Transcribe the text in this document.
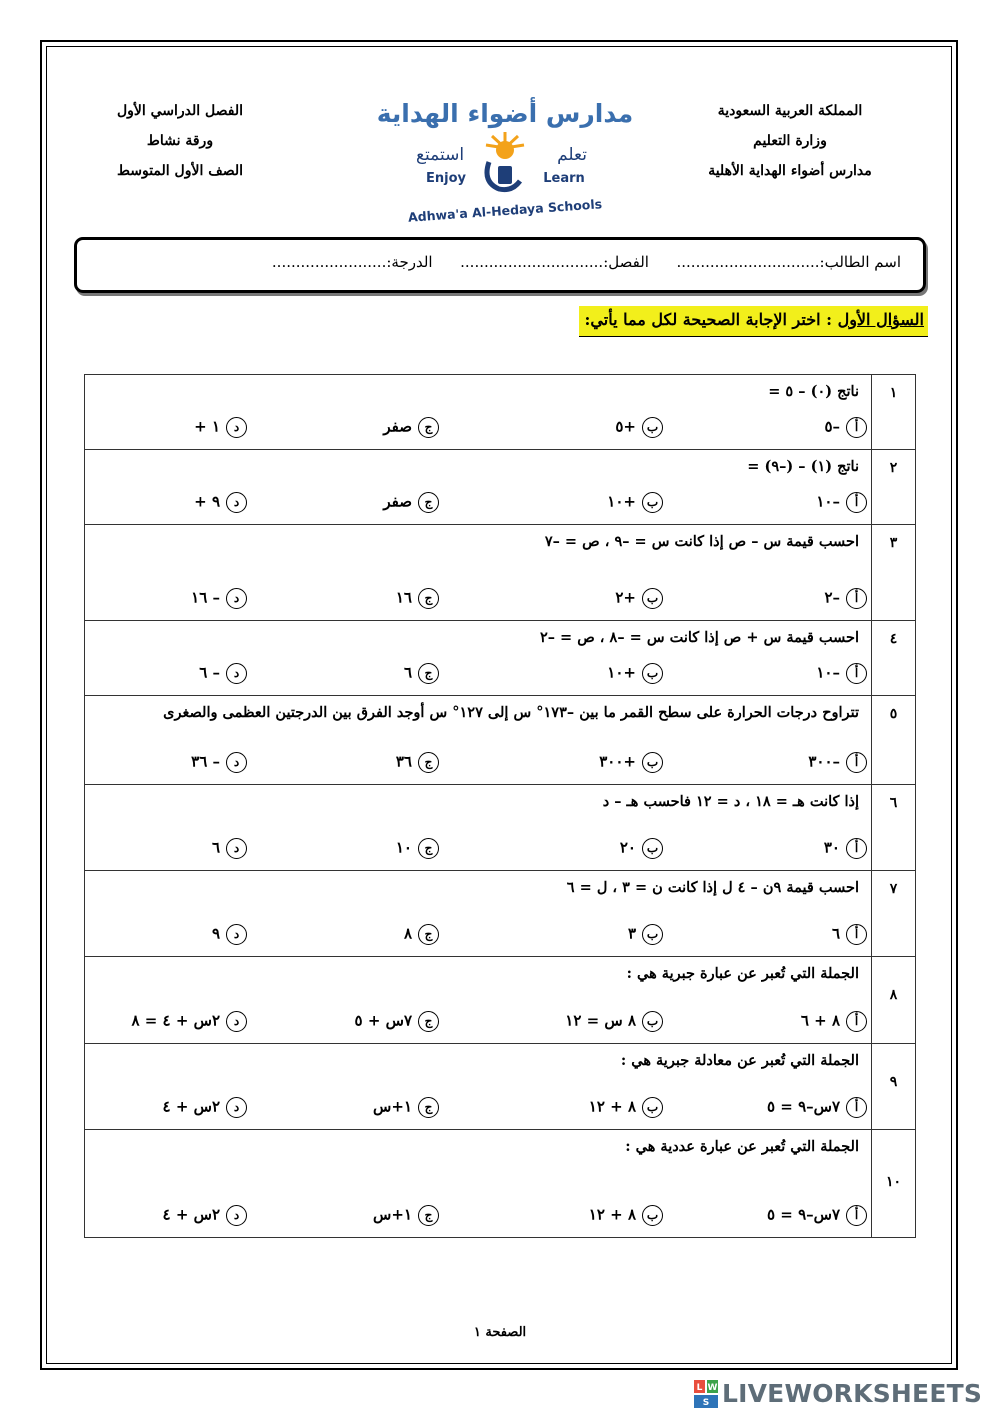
المملكة العربية السعودية
وزارة التعليم
مدارس أضواء الهداية الأهلية
الفصل الدراسي الأول
ورقة نشاط
الصف الأول المتوسط
مدارس أضواء الهداية
تعلم
استمتع
Learn
Enjoy
Adhwa'a Al-Hedaya Schools
اسم الطالب:..............................  الفصل:..............................  الدرجة:........................
السؤال الأول : اختر الإجابة الصحيحة لكل مما يأتي:
١	ناتج (٠) – ٥ =
أ–٥
ب+٥
جصفر
د١ +

٢	ناتج (١) – (–٩) =
أ–١٠
ب+١٠
جصفر
د٩ +

٣	احسب قيمة س – ص إذا كانت س = –٩ ، ص = –٧
أ–٢
ب+٢
ج١٦
د– ١٦

٤	احسب قيمة س + ص إذا كانت س = –٨ ، ص = –٢
أ–١٠
ب+١٠
ج٦
د– ٦

٥	تتراوح درجات الحرارة على سطح القمر ما بين –١٧٣° س إلى ١٢٧° س أوجد الفرق بين الدرجتين العظمى والصغرى
أ–٣٠٠
ب+٣٠٠
ج٣٦
د– ٣٦

٦	إذا كانت هـ = ١٨ ، د = ١٢ فاحسب هـ – د
أ٣٠
ب٢٠
ج١٠
د٦

٧	احسب قيمة ٩ن – ٤ ل إذا كانت ن = ٣ ، ل = ٦
أ٦
ب٣
ج٨
د٩

٨	الجملة التي تُعبر عن عبارة جبرية هي :
أ٨ + ٦
ب٨ س = ١٢
ج٧س + ٥
د٢س + ٤ = ٨

٩	الجملة التي تُعبر عن معادلة جبرية هي :
أ٧س–٩ = ٥
ب٨ + ١٢
ج١+س
د٢س + ٤

١٠	الجملة التي تُعبر عن عبارة عددية هي :
أ٧س–٩ = ٥
ب٨ + ١٢
ج١+س
د٢س + ٤
الصفحة ١
L W
S LIVEWORKSHEETS
